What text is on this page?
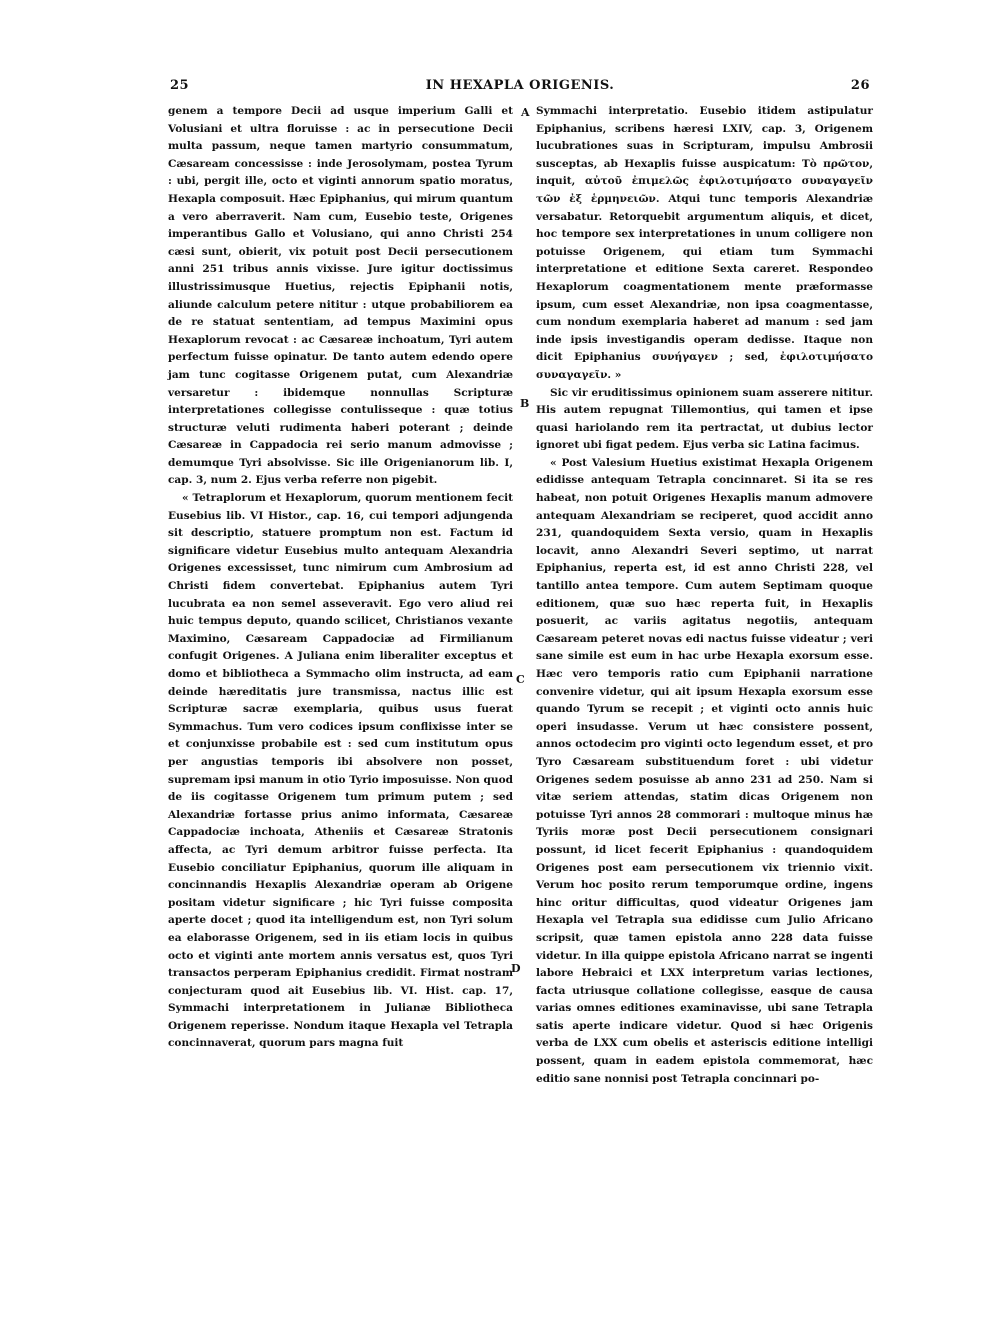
25	IN HEXAPLA ORIGENIS.	26

genem a tempore Decii ad usque imperium Galli et Volusiani et ultra floruisse : ac in persecutione Decii multa passum, neque tamen martyrio consummatum, Cæsaream concessisse : inde Jerosolymam, postea Tyrum : ubi, pergit ille, octo et viginti annorum spatio moratus, Hexapla composuit. Hæc Epiphanius, qui mirum quantum a vero aberraverit. Nam cum, Eusebio teste, Origenes imperantibus Gallo et Volusiano, qui anno Christi 254 cæsi sunt, obierit, vix potuit post Decii persecutionem anni 251 tribus annis vixisse. Jure igitur doctissimus illustrissimusque Huetius, rejectis Epiphanii notis, aliunde calculum petere nititur : utque probabiliorem ea de re statuat sententiam, ad tempus Maximini opus Hexaplorum revocat : ac Cæsareæ inchoatum, Tyri autem perfectum fuisse opinatur. De tanto autem edendo opere jam tunc cogitasse Origenem putat, cum Alexandriæ versaretur : ibidemque nonnullas Scripturæ interpretationes collegisse contulisseque : quæ totius structuræ veluti rudimenta haberi poterant ; deinde Cæsareæ in Cappadocia rei serio manum admovisse ; demumque Tyri absolvisse. Sic ille Origenianorum lib. I, cap. 3, num 2. Ejus verba referre non pigebit.

« Tetraplorum et Hexaplorum, quorum mentionem fecit Eusebius lib. VI Histor., cap. 16, cui tempori adjungenda sit descriptio, statuere promptum non est. Factum id significare videtur Eusebius multo antequam Alexandria Origenes excessisset, tunc nimirum cum Ambrosium ad Christi fidem convertebat. Epiphanius autem Tyri lucubrata ea non semel asseveravit. Ego vero aliud rei huic tempus deputo, quando scilicet, Christianos vexante Maximino, Cæsaream Cappadociæ ad Firmilianum confugit Origenes. A Juliana enim liberaliter exceptus et domo et bibliotheca a Symmacho olim instructa, ad eam deinde hæreditatis jure transmissa, nactus illic est Scripturæ sacræ exemplaria, quibus usus fuerat Symmachus. Tum vero codices ipsum conflixisse inter se et conjunxisse probabile est : sed cum institutum opus per angustias temporis ibi absolvere non posset, supremam ipsi manum in otio Tyrio imposuisse. Non quod de iis cogitasse Origenem tum primum putem ; sed Alexandriæ fortasse prius animo informata, Cæsareæ Cappadociæ inchoata, Atheniis et Cæsareæ Stratonis affecta, ac Tyri demum arbitror fuisse perfecta. Ita Eusebio conciliatur Epiphanius, quorum ille aliquam in concinnandis Hexaplis Alexandriæ operam ab Origene positam videtur significare ; hic Tyri fuisse composita aperte docet ; quod ita intelligendum est, non Tyri solum ea elaborasse Origenem, sed in iis etiam locis in quibus octo et viginti ante mortem annis versatus est, quos Tyri transactos perperam Epiphanius credidit. Firmat nostram conjecturam quod ait Eusebius lib. VI. Hist. cap. 17, Symmachi interpretationem in Julianæ Bibliotheca Origenem reperisse. Nondum itaque Hexapla vel Tetrapla concinnaverat, quorum pars magna fuit

A
B
C
D

Symmachi interpretatio. Eusebio itidem astipulatur Epiphanius, scribens hæresi LXIV, cap. 3, Origenem lucubrationes suas in Scripturam, impulsu Ambrosii susceptas, ab Hexaplis fuisse auspicatum: Τὸ πρῶτον, inquit, αὐτοῦ ἐπιμελῶς ἐφιλοτιμήσατο συναγαγεῖν τῶν ἐξ ἑρμηνειῶν. Atqui tunc temporis Alexandriæ versabatur. Retorquebit argumentum aliquis, et dicet, hoc tempore sex interpretationes in unum colligere non potuisse Origenem, qui etiam tum Symmachi interpretatione et editione Sexta careret. Respondeo Hexaplorum coagmentationem mente præformasse ipsum, cum esset Alexandriæ, non ipsa coagmentasse, cum nondum exemplaria haberet ad manum : sed jam inde ipsis investigandis operam dedisse. Itaque non dicit Epiphanius συνήγαγεν ; sed, ἐφιλοτιμήσατο συναγαγεῖν. »

Sic vir eruditissimus opinionem suam asserere nititur. His autem repugnat Tillemontius, qui tamen et ipse quasi hariolando rem ita pertractat, ut dubius lector ignoret ubi figat pedem. Ejus verba sic Latina facimus.

« Post Valesium Huetius existimat Hexapla Origenem edidisse antequam Tetrapla concinnaret. Si ita se res habeat, non potuit Origenes Hexaplis manum admovere antequam Alexandriam se reciperet, quod accidit anno 231, quandoquidem Sexta versio, quam in Hexaplis locavit, anno Alexandri Severi septimo, ut narrat Epiphanius, reperta est, id est anno Christi 228, vel tantillo antea tempore. Cum autem Septimam quoque editionem, quæ suo hæc reperta fuit, in Hexaplis posuerit, ac variis agitatus negotiis, antequam Cæsaream peteret novas edi nactus fuisse videatur ; veri sane simile est eum in hac urbe Hexapla exorsum esse. Hæc vero temporis ratio cum Epiphanii narratione convenire videtur, qui ait ipsum Hexapla exorsum esse quando Tyrum se recepit ; et viginti octo annis huic operi insudasse. Verum ut hæc consistere possent, annos octodecim pro viginti octo legendum esset, et pro Tyro Cæsaream substituendum foret : ubi videtur Origenes sedem posuisse ab anno 231 ad 250. Nam si vitæ seriem attendas, statim dicas Origenem non potuisse Tyri annos 28 commorari : multoque minus hæ Tyriis moræ post Decii persecutionem consignari possunt, id licet fecerit Epiphanius : quandoquidem Origenes post eam persecutionem vix triennio vixit. Verum hoc posito rerum temporumque ordine, ingens hinc oritur difficultas, quod videatur Origenes jam Hexapla vel Tetrapla sua edidisse cum Julio Africano scripsit, quæ tamen epistola anno 228 data fuisse videtur. In illa quippe epistola Africano narrat se ingenti labore Hebraici et LXX interpretum varias lectiones, facta utriusque collatione collegisse, easque de causa varias omnes editiones examinavisse, ubi sane Tetrapla satis aperte indicare videtur. Quod si hæc Origenis verba de LXX cum obelis et asteriscis editione intelligi possent, quam in eadem epistola commemorat, hæc editio sane nonnisi post Tetrapla concinnari po-
